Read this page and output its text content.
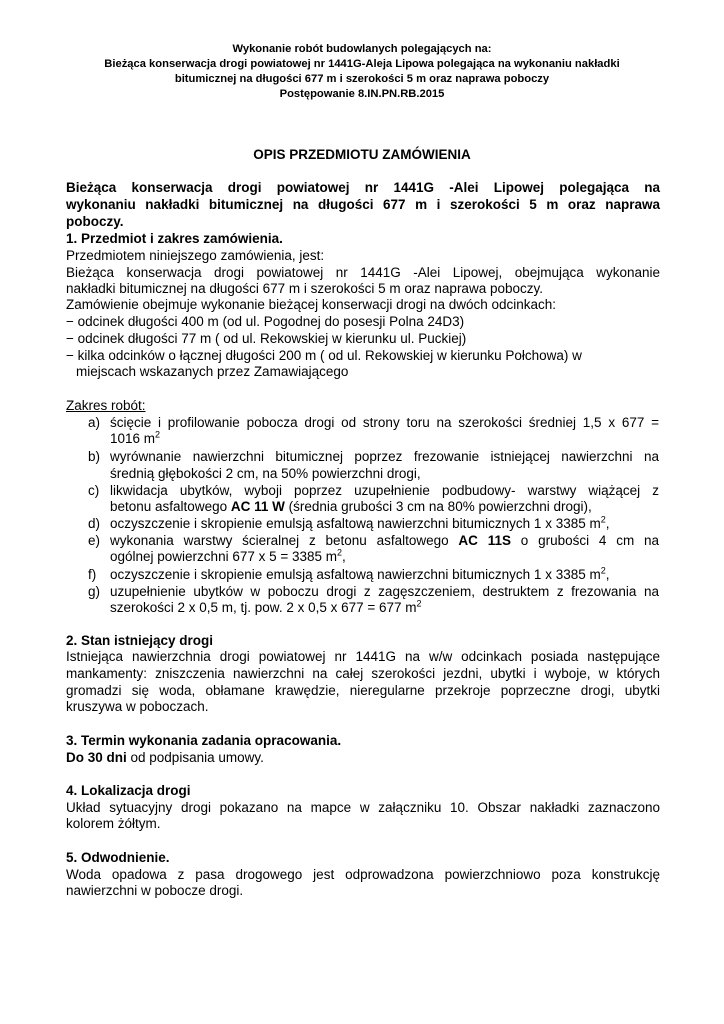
Wykonanie robót budowlanych polegających na:
Bieżąca konserwacja drogi powiatowej nr 1441G-Aleja Lipowa polegająca na wykonaniu nakładki
bitumicznej na długości 677 m i szerokości 5 m oraz naprawa poboczy
Postępowanie 8.IN.PN.RB.2015
OPIS PRZEDMIOTU ZAMÓWIENIA
Bieżąca konserwacja drogi powiatowej nr 1441G -Alei Lipowej polegająca na
wykonaniu nakładki bitumicznej na długości 677 m i szerokości 5 m oraz naprawa
poboczy.
1. Przedmiot i zakres zamówienia.
Przedmiotem niniejszego zamówienia, jest:
Bieżąca konserwacja drogi powiatowej nr 1441G -Alei Lipowej, obejmująca wykonanie
nakładki bitumicznej na długości 677 m i szerokości 5 m oraz naprawa poboczy.
Zamówienie obejmuje wykonanie bieżącej konserwacji drogi na dwóch odcinkach:
− odcinek długości 400 m (od ul. Pogodnej do posesji Polna 24D3)
− odcinek długości 77 m ( od ul. Rekowskiej w kierunku ul. Puckiej)
− kilka odcinków o łącznej długości 200 m ( od ul. Rekowskiej w kierunku Połchowa) w
miejscach wskazanych przez Zamawiającego
Zakres robót:
a) ścięcie i profilowanie pobocza drogi od strony toru na szerokości średniej 1,5 x 677 =
1016 $m^2$
b) wyrównanie nawierzchni bitumicznej poprzez frezowanie istniejącej nawierzchni na
średnią głębokości 2 cm, na 50% powierzchni drogi,
c) likwidacja ubytków, wyboji poprzez uzupełnienie podbudowy- warstwy wiążącej z
betonu asfaltowego AC 11 W (średnia grubości 3 cm na 80% powierzchni drogi),
d) oczyszczenie i skropienie emulsją asfaltową nawierzchni bitumicznych 1 x 3385 $m^2$,
e) wykonania warstwy ścieralnej z betonu asfaltowego AC 11S o grubości 4 cm na
ogólnej powierzchni 677 x 5 = 3385 $m^2$,
f) oczyszczenie i skropienie emulsją asfaltową nawierzchni bitumicznych 1 x 3385 $m^2$,
g) uzupełnienie ubytków w poboczu drogi z zagęszczeniem, destruktem z frezowania na
szerokości 2 x 0,5 m, tj. pow. 2 x 0,5 x 677 = 677 $m^2$
2. Stan istniejący drogi
Istniejąca nawierzchnia drogi powiatowej nr 1441G na w/w odcinkach posiada następujące
mankamenty: zniszczenia nawierzchni na całej szerokości jezdni, ubytki i wyboje, w których
gromadzi się woda, obłamane krawędzie, nieregularne przekroje poprzeczne drogi, ubytki
kruszywa w poboczach.
3. Termin wykonania zadania opracowania.
Do 30 dni od podpisania umowy.
4. Lokalizacja drogi
Układ sytuacyjny drogi pokazano na mapce w załączniku 10. Obszar nakładki zaznaczono
kolorem żółtym.
5. Odwodnienie.
Woda opadowa z pasa drogowego jest odprowadzona powierzchniowo poza konstrukcję
nawierzchni w pobocze drogi.
